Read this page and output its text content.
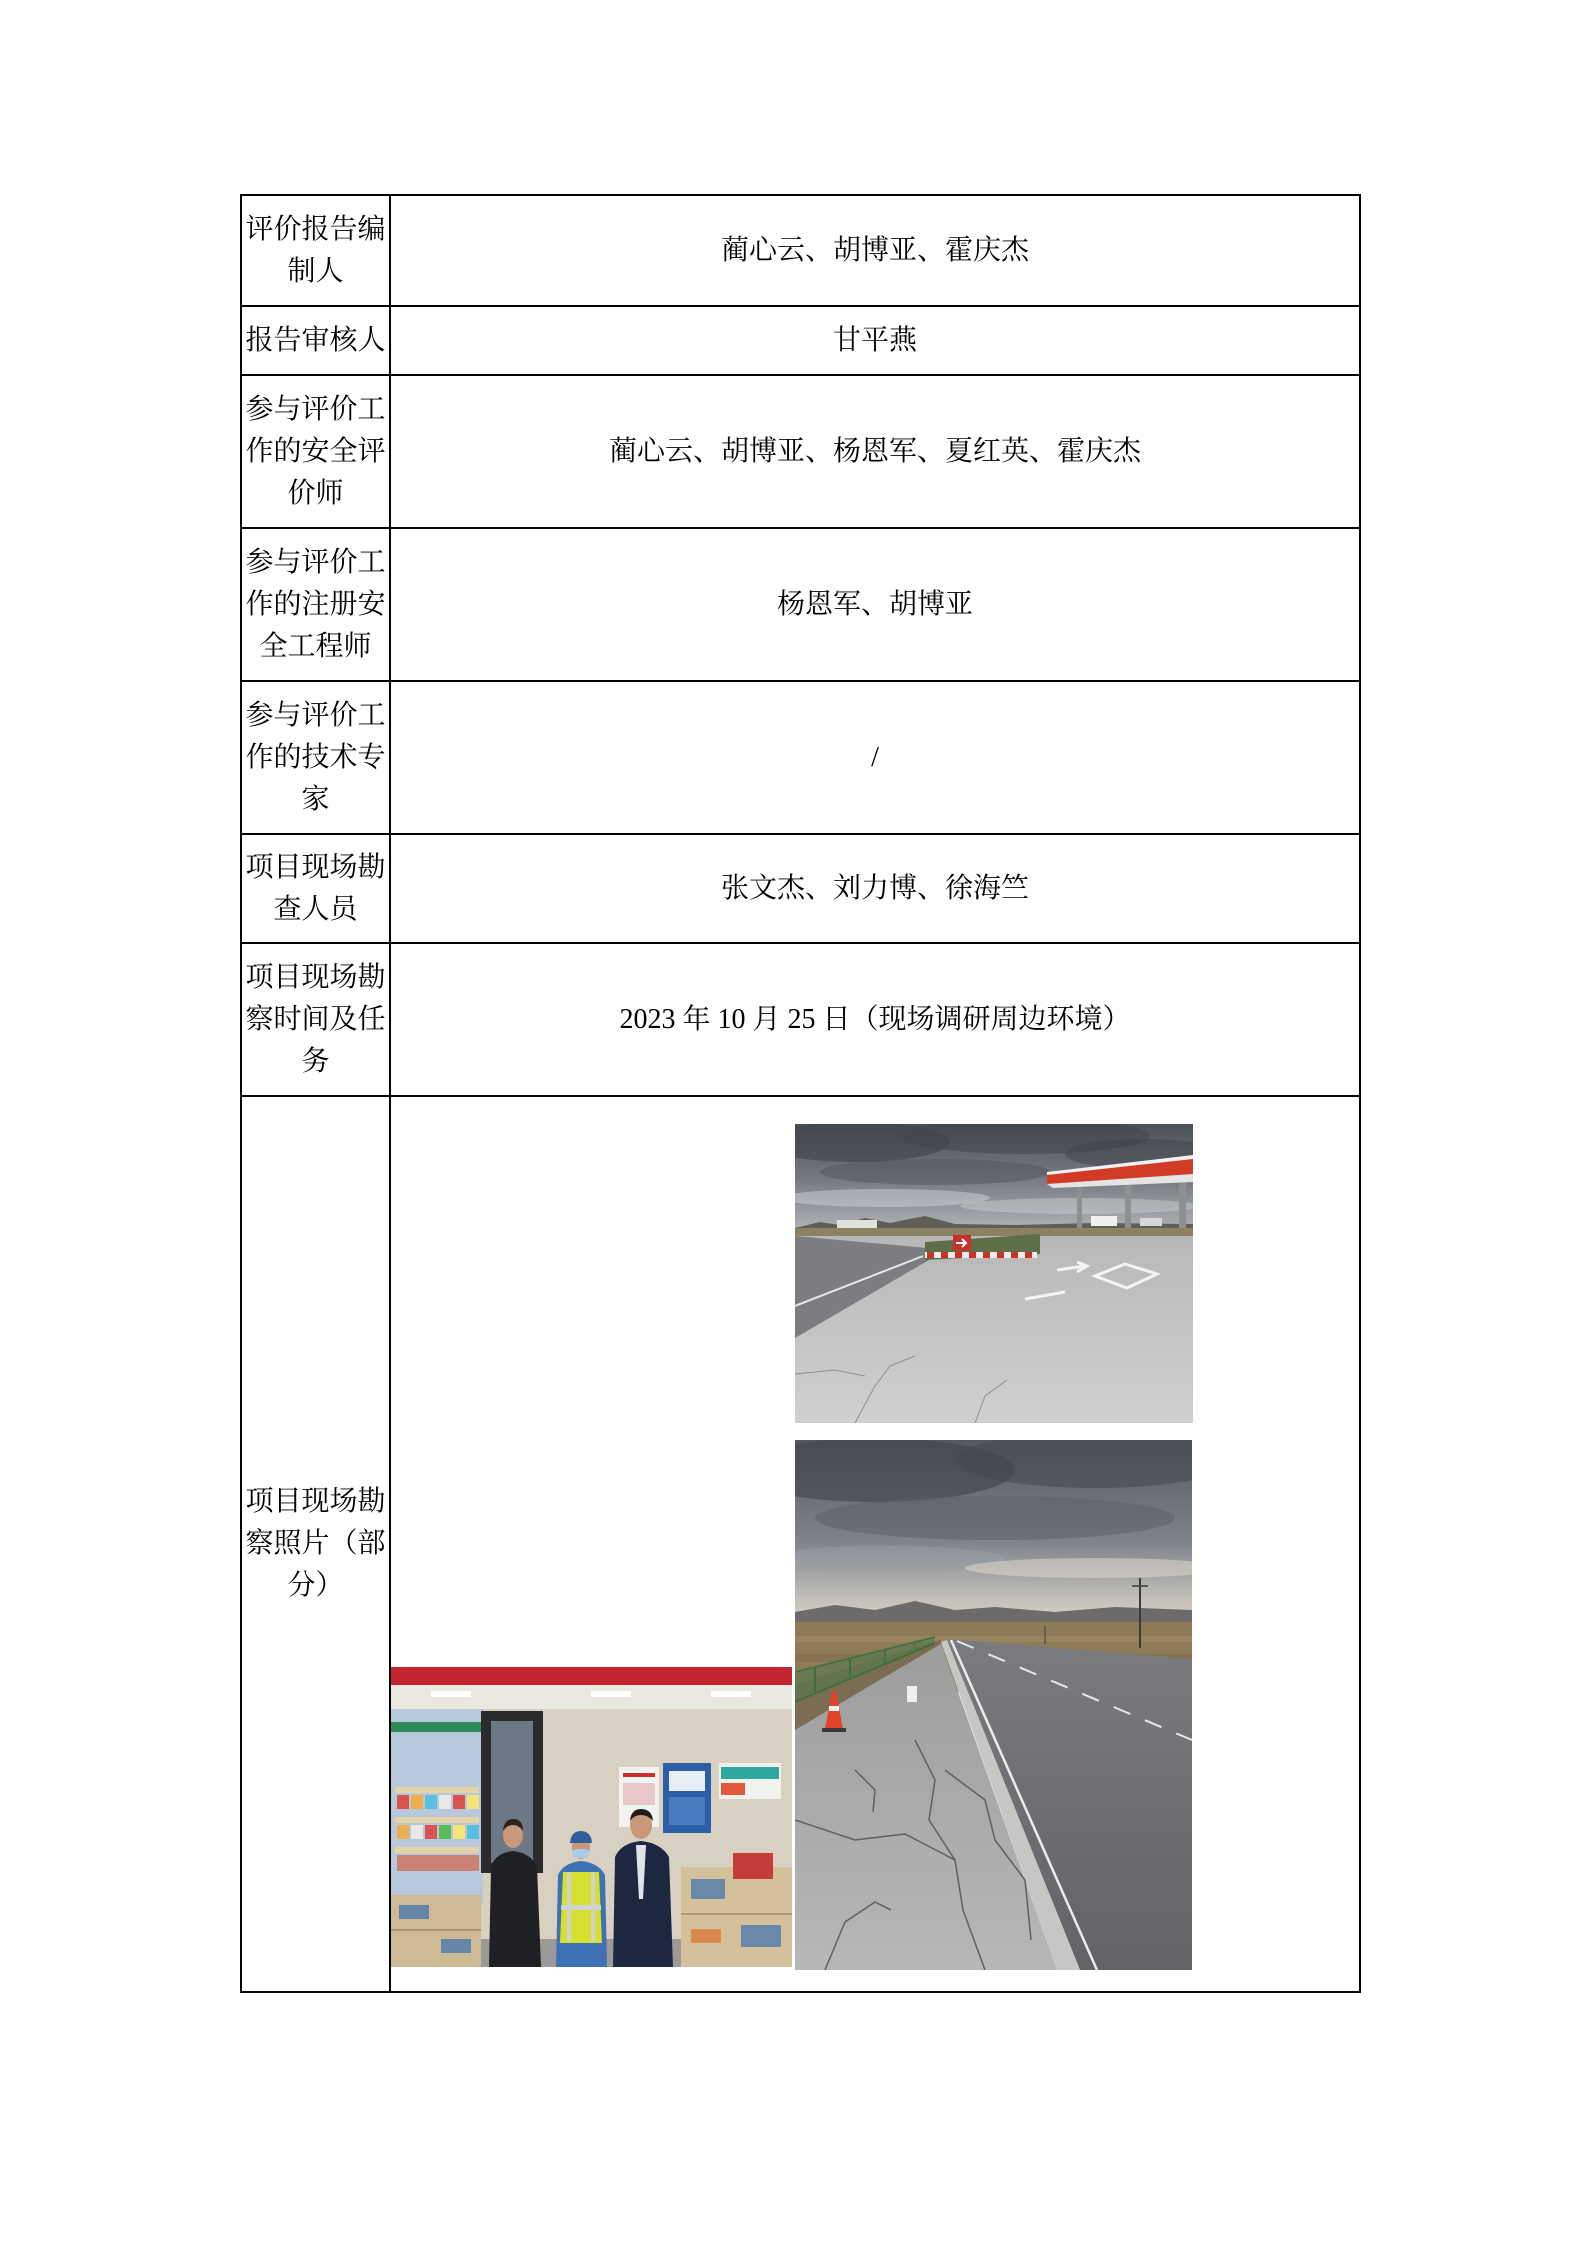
评价报告编制人
蔺心云、胡博亚、霍庆杰
报告审核人	甘平燕
参与评价工作的安全评价师
蔺心云、胡博亚、杨恩军、夏红英、霍庆杰
参与评价工作的注册安全工程师
杨恩军、胡博亚
参与评价工作的技术专家
/
项目现场勘查人员
张文杰、刘力博、徐海竺
项目现场勘察时间及任务
2023 年 10 月 25 日（现场调研周边环境）
项目现场勘察照片（部分）
